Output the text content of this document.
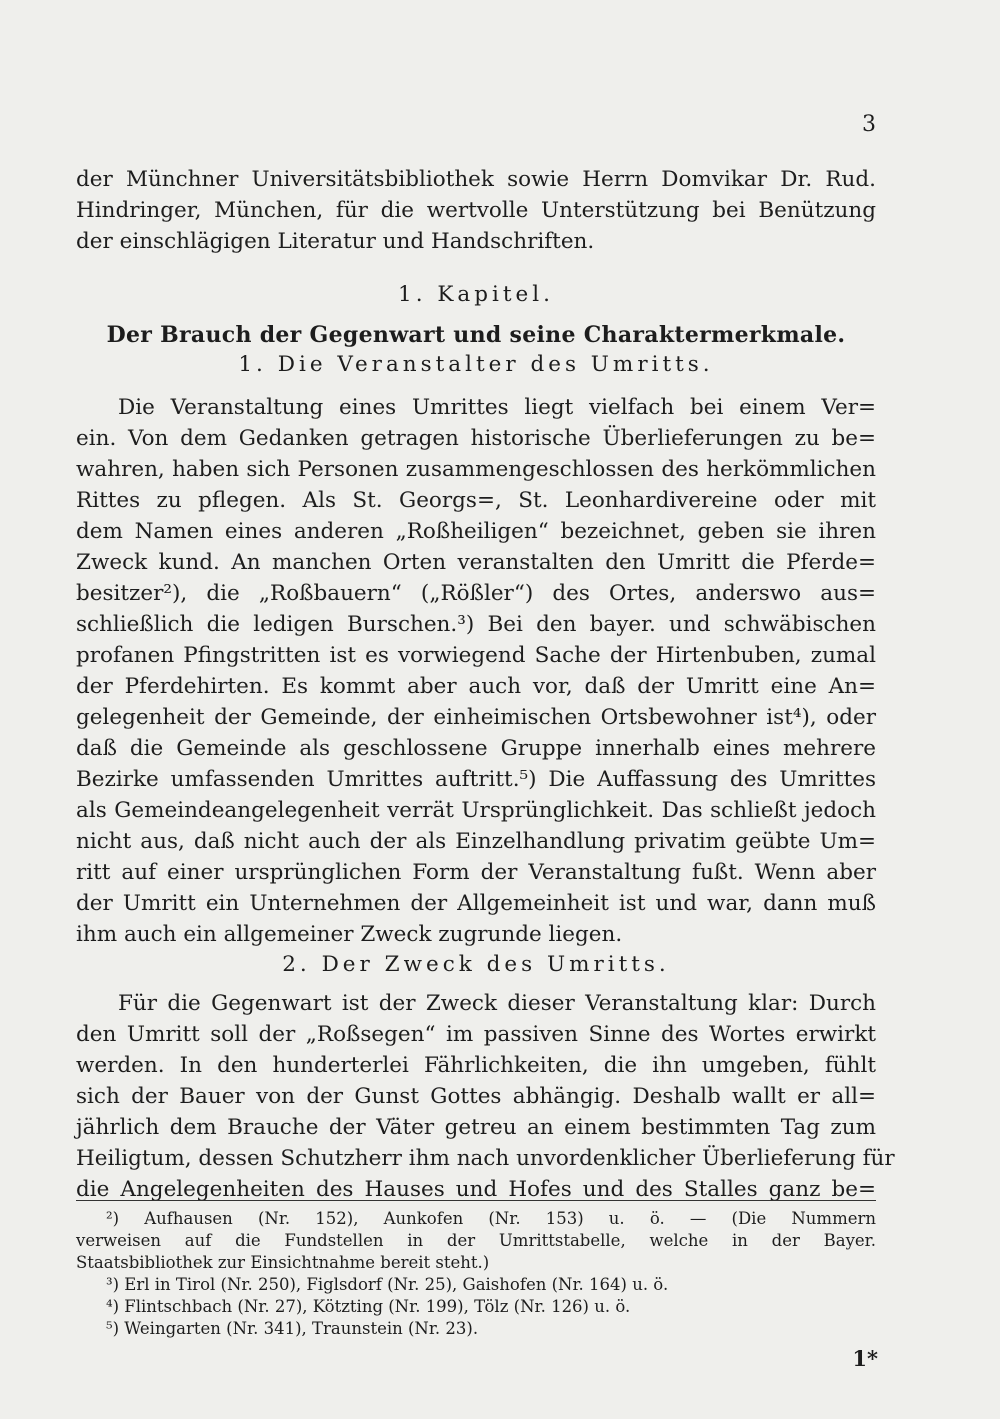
3
der Münchner Universitätsbibliothek sowie Herrn Domvikar Dr. Rud.
Hindringer, München, für die wertvolle Unterstützung bei Benützung
der einschlägigen Literatur und Handschriften.
1. Kapitel.
Der Brauch der Gegenwart und seine Charaktermerkmale.
1. Die Veranstalter des Umritts.
Die Veranstaltung eines Umrittes liegt vielfach bei einem Ver=
ein. Von dem Gedanken getragen historische Überlieferungen zu be=
wahren, haben sich Personen zusammengeschlossen des herkömmlichen
Rittes zu pflegen. Als St. Georgs=, St. Leonhardivereine oder mit
dem Namen eines anderen „Roßheiligen“ bezeichnet, geben sie ihren
Zweck kund. An manchen Orten veranstalten den Umritt die Pferde=
besitzer²), die „Roßbauern“ („Rößler“) des Ortes, anderswo aus=
schließlich die ledigen Burschen.³) Bei den bayer. und schwäbischen
profanen Pfingstritten ist es vorwiegend Sache der Hirtenbuben, zumal
der Pferdehirten. Es kommt aber auch vor, daß der Umritt eine An=
gelegenheit der Gemeinde, der einheimischen Ortsbewohner ist⁴), oder
daß die Gemeinde als geschlossene Gruppe innerhalb eines mehrere
Bezirke umfassenden Umrittes auftritt.⁵) Die Auffassung des Umrittes
als Gemeindeangelegenheit verrät Ursprünglichkeit. Das schließt jedoch
nicht aus, daß nicht auch der als Einzelhandlung privatim geübte Um=
ritt auf einer ursprünglichen Form der Veranstaltung fußt. Wenn aber
der Umritt ein Unternehmen der Allgemeinheit ist und war, dann muß
ihm auch ein allgemeiner Zweck zugrunde liegen.
2. Der Zweck des Umritts.
Für die Gegenwart ist der Zweck dieser Veranstaltung klar: Durch
den Umritt soll der „Roßsegen“ im passiven Sinne des Wortes erwirkt
werden. In den hunderterlei Fährlichkeiten, die ihn umgeben, fühlt
sich der Bauer von der Gunst Gottes abhängig. Deshalb wallt er all=
jährlich dem Brauche der Väter getreu an einem bestimmten Tag zum
Heiligtum, dessen Schutzherr ihm nach unvordenklicher Überlieferung für
die Angelegenheiten des Hauses und Hofes und des Stalles ganz be=
²) Aufhausen (Nr. 152), Aunkofen (Nr. 153) u. ö. — (Die Nummern
verweisen auf die Fundstellen in der Umrittstabelle, welche in der Bayer.
Staatsbibliothek zur Einsichtnahme bereit steht.)
³) Erl in Tirol (Nr. 250), Figlsdorf (Nr. 25), Gaishofen (Nr. 164) u. ö.
⁴) Flintschbach (Nr. 27), Kötzting (Nr. 199), Tölz (Nr. 126) u. ö.
⁵) Weingarten (Nr. 341), Traunstein (Nr. 23).
1*
